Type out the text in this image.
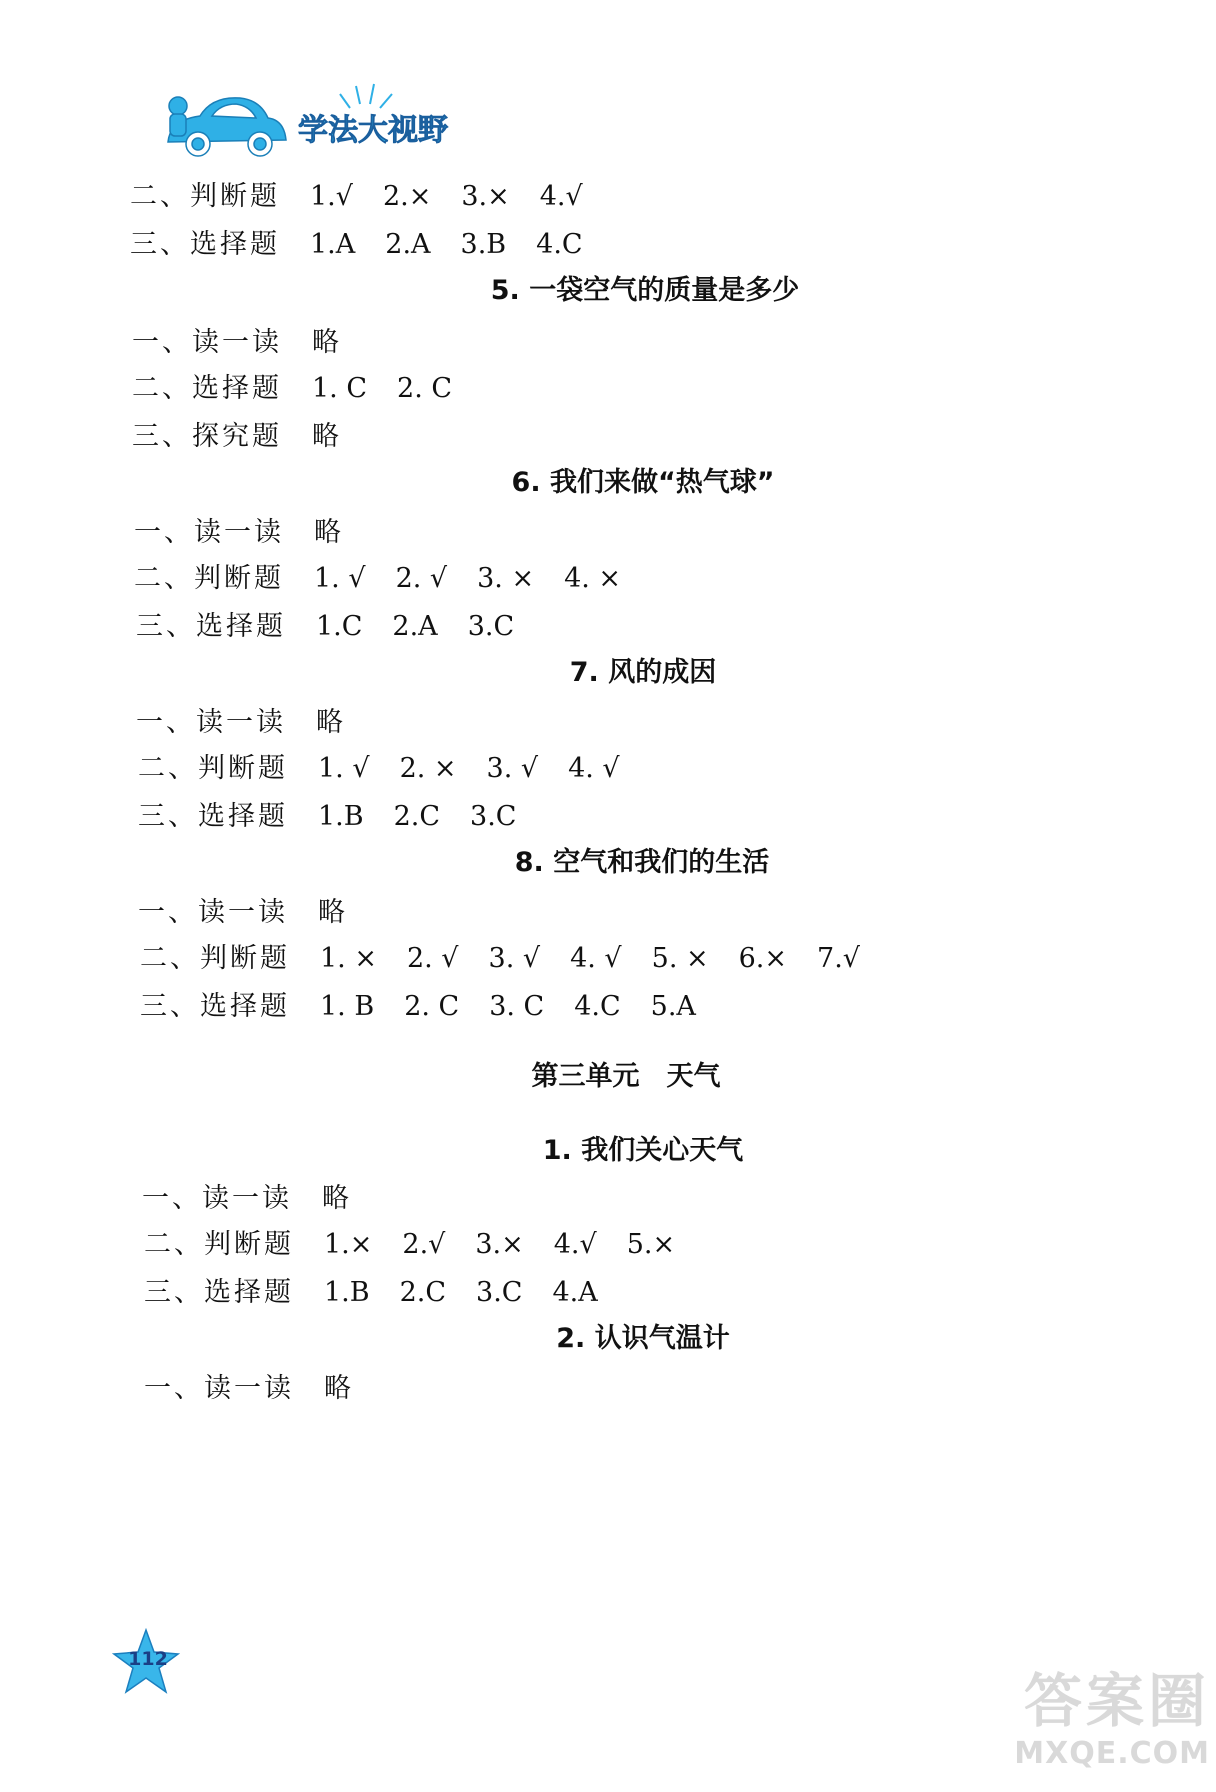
学法大视野
二、判断题 1.√ 2.× 3.× 4.√
三、选择题 1.A 2.A 3.B 4.C
5. 一袋空气的质量是多少
一、读一读 略
二、选择题 1. C 2. C
三、探究题 略
6. 我们来做“热气球”
一、读一读 略
二、判断题 1. √ 2. √ 3. × 4. ×
三、选择题 1.C 2.A 3.C
7. 风的成因
一、读一读 略
二、判断题 1. √ 2. × 3. √ 4. √
三、选择题 1.B 2.C 3.C
8. 空气和我们的生活
一、读一读 略
二、判断题 1. × 2. √ 3. √ 4. √ 5. × 6.× 7.√
三、选择题 1. B 2. C 3. C 4.C 5.A
第三单元　天气
1. 我们关心天气
一、读一读 略
二、判断题 1.× 2.√ 3.× 4.√ 5.×
三、选择题 1.B 2.C 3.C 4.A
2. 认识气温计
一、读一读 略
112
答案圈
MXQE.COM
